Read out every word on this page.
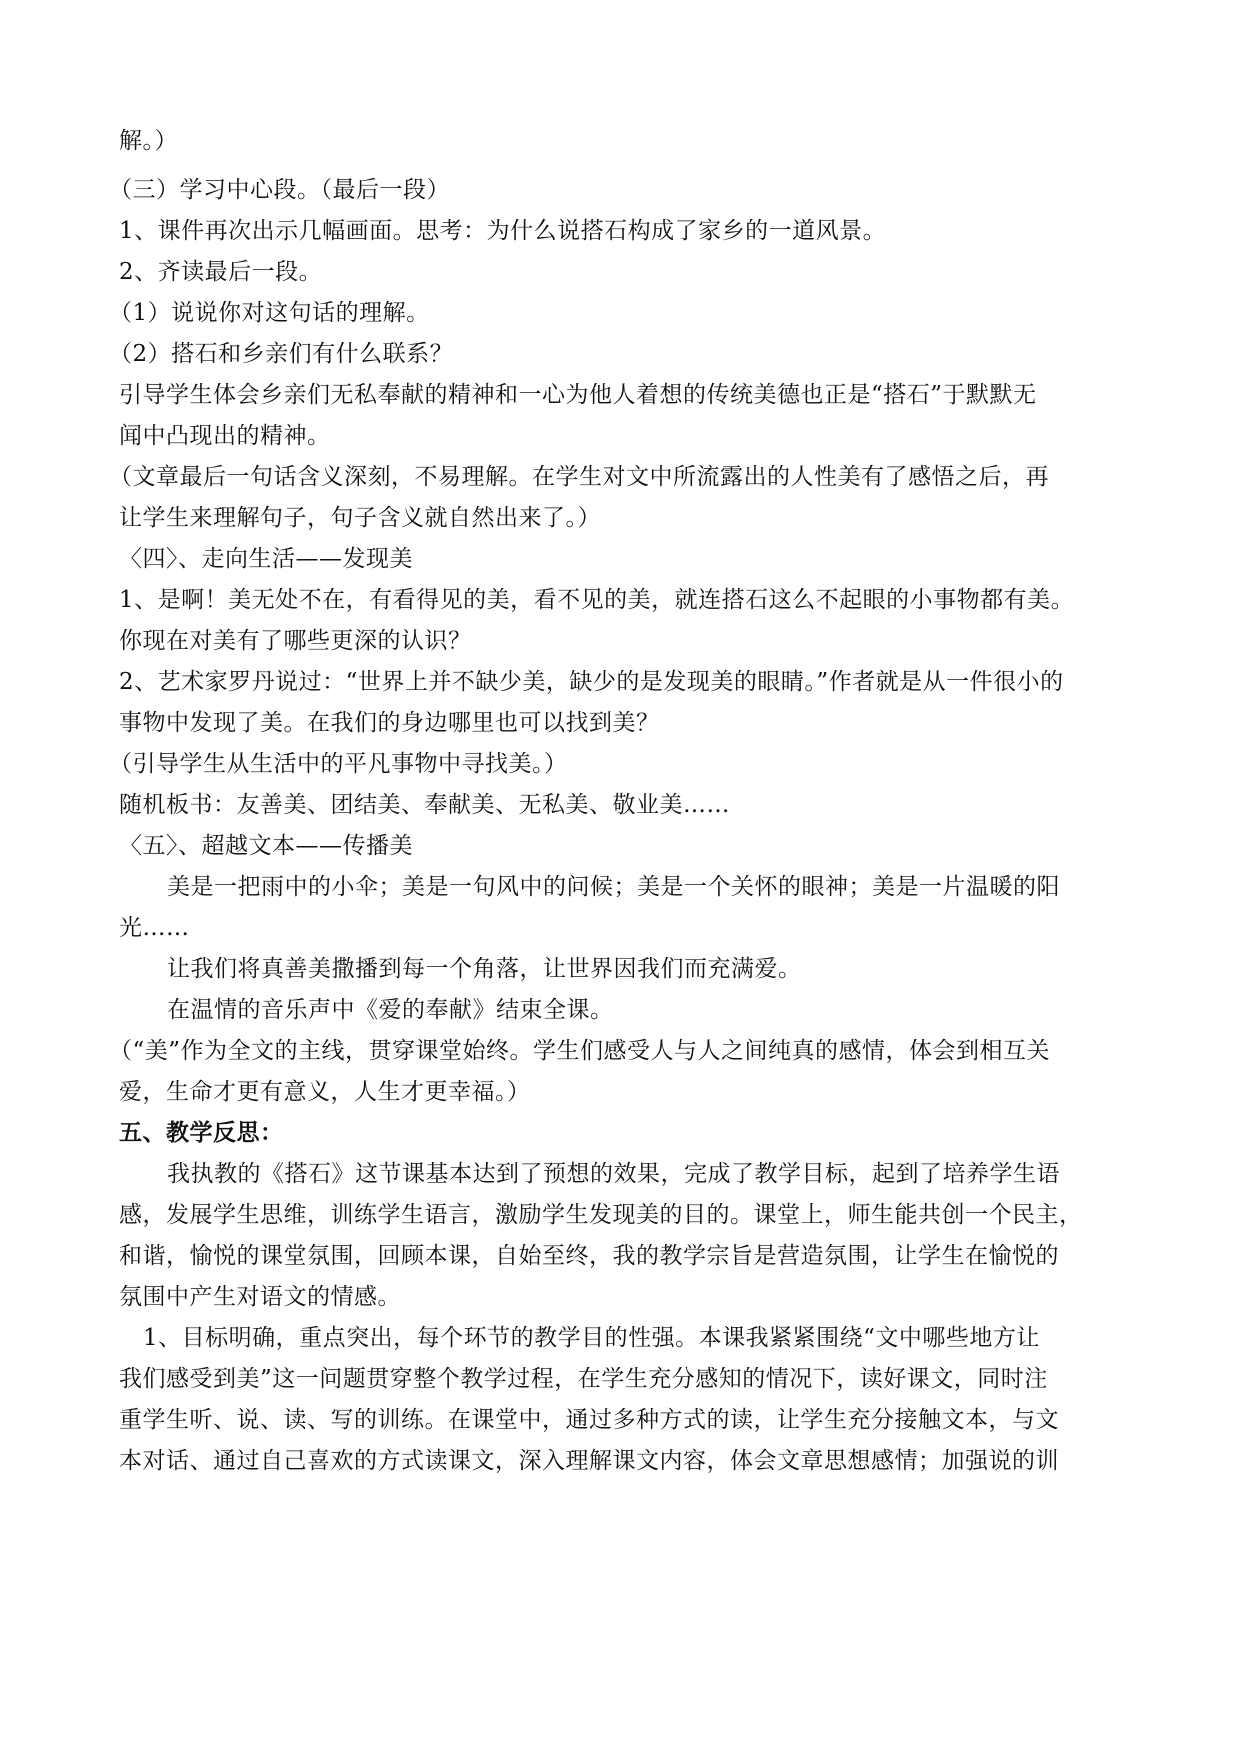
解。）

（三）学习中心段。（最后一段）

1、课件再次出示几幅画面。思考：为什么说搭石构成了家乡的一道风景。

2、齐读最后一段。

（1）说说你对这句话的理解。

（2）搭石和乡亲们有什么联系？

引导学生体会乡亲们无私奉献的精神和一心为他人着想的传统美德也正是“搭石”于默默无

闻中凸现出的精神。

（文章最后一句话含义深刻，不易理解。在学生对文中所流露出的人性美有了感悟之后，再

让学生来理解句子，句子含义就自然出来了。）

〈四〉、走向生活——发现美

1、是啊！美无处不在，有看得见的美，看不见的美，就连搭石这么不起眼的小事物都有美。

你现在对美有了哪些更深的认识？

2、艺术家罗丹说过：“世界上并不缺少美，缺少的是发现美的眼睛。”作者就是从一件很小的

事物中发现了美。在我们的身边哪里也可以找到美？

（引导学生从生活中的平凡事物中寻找美。）

随机板书：友善美、团结美、奉献美、无私美、敬业美……

〈五〉、超越文本——传播美

美是一把雨中的小伞；美是一句风中的问候；美是一个关怀的眼神；美是一片温暖的阳

光……

让我们将真善美撒播到每一个角落，让世界因我们而充满爱。

在温情的音乐声中《爱的奉献》结束全课。

（“美”作为全文的主线，贯穿课堂始终。学生们感受人与人之间纯真的感情，体会到相互关

爱，生命才更有意义，人生才更幸福。）

五、教学反思：

我执教的《搭石》这节课基本达到了预想的效果，完成了教学目标，起到了培养学生语

感，发展学生思维，训练学生语言，激励学生发现美的目的。课堂上，师生能共创一个民主，

和谐，愉悦的课堂氛围，回顾本课，自始至终，我的教学宗旨是营造氛围，让学生在愉悦的

氛围中产生对语文的情感。

1、目标明确，重点突出，每个环节的教学目的性强。本课我紧紧围绕“文中哪些地方让

我们感受到美”这一问题贯穿整个教学过程，在学生充分感知的情况下，读好课文，同时注

重学生听、说、读、写的训练。在课堂中，通过多种方式的读，让学生充分接触文本，与文

本对话、通过自己喜欢的方式读课文，深入理解课文内容，体会文章思想感情；加强说的训
